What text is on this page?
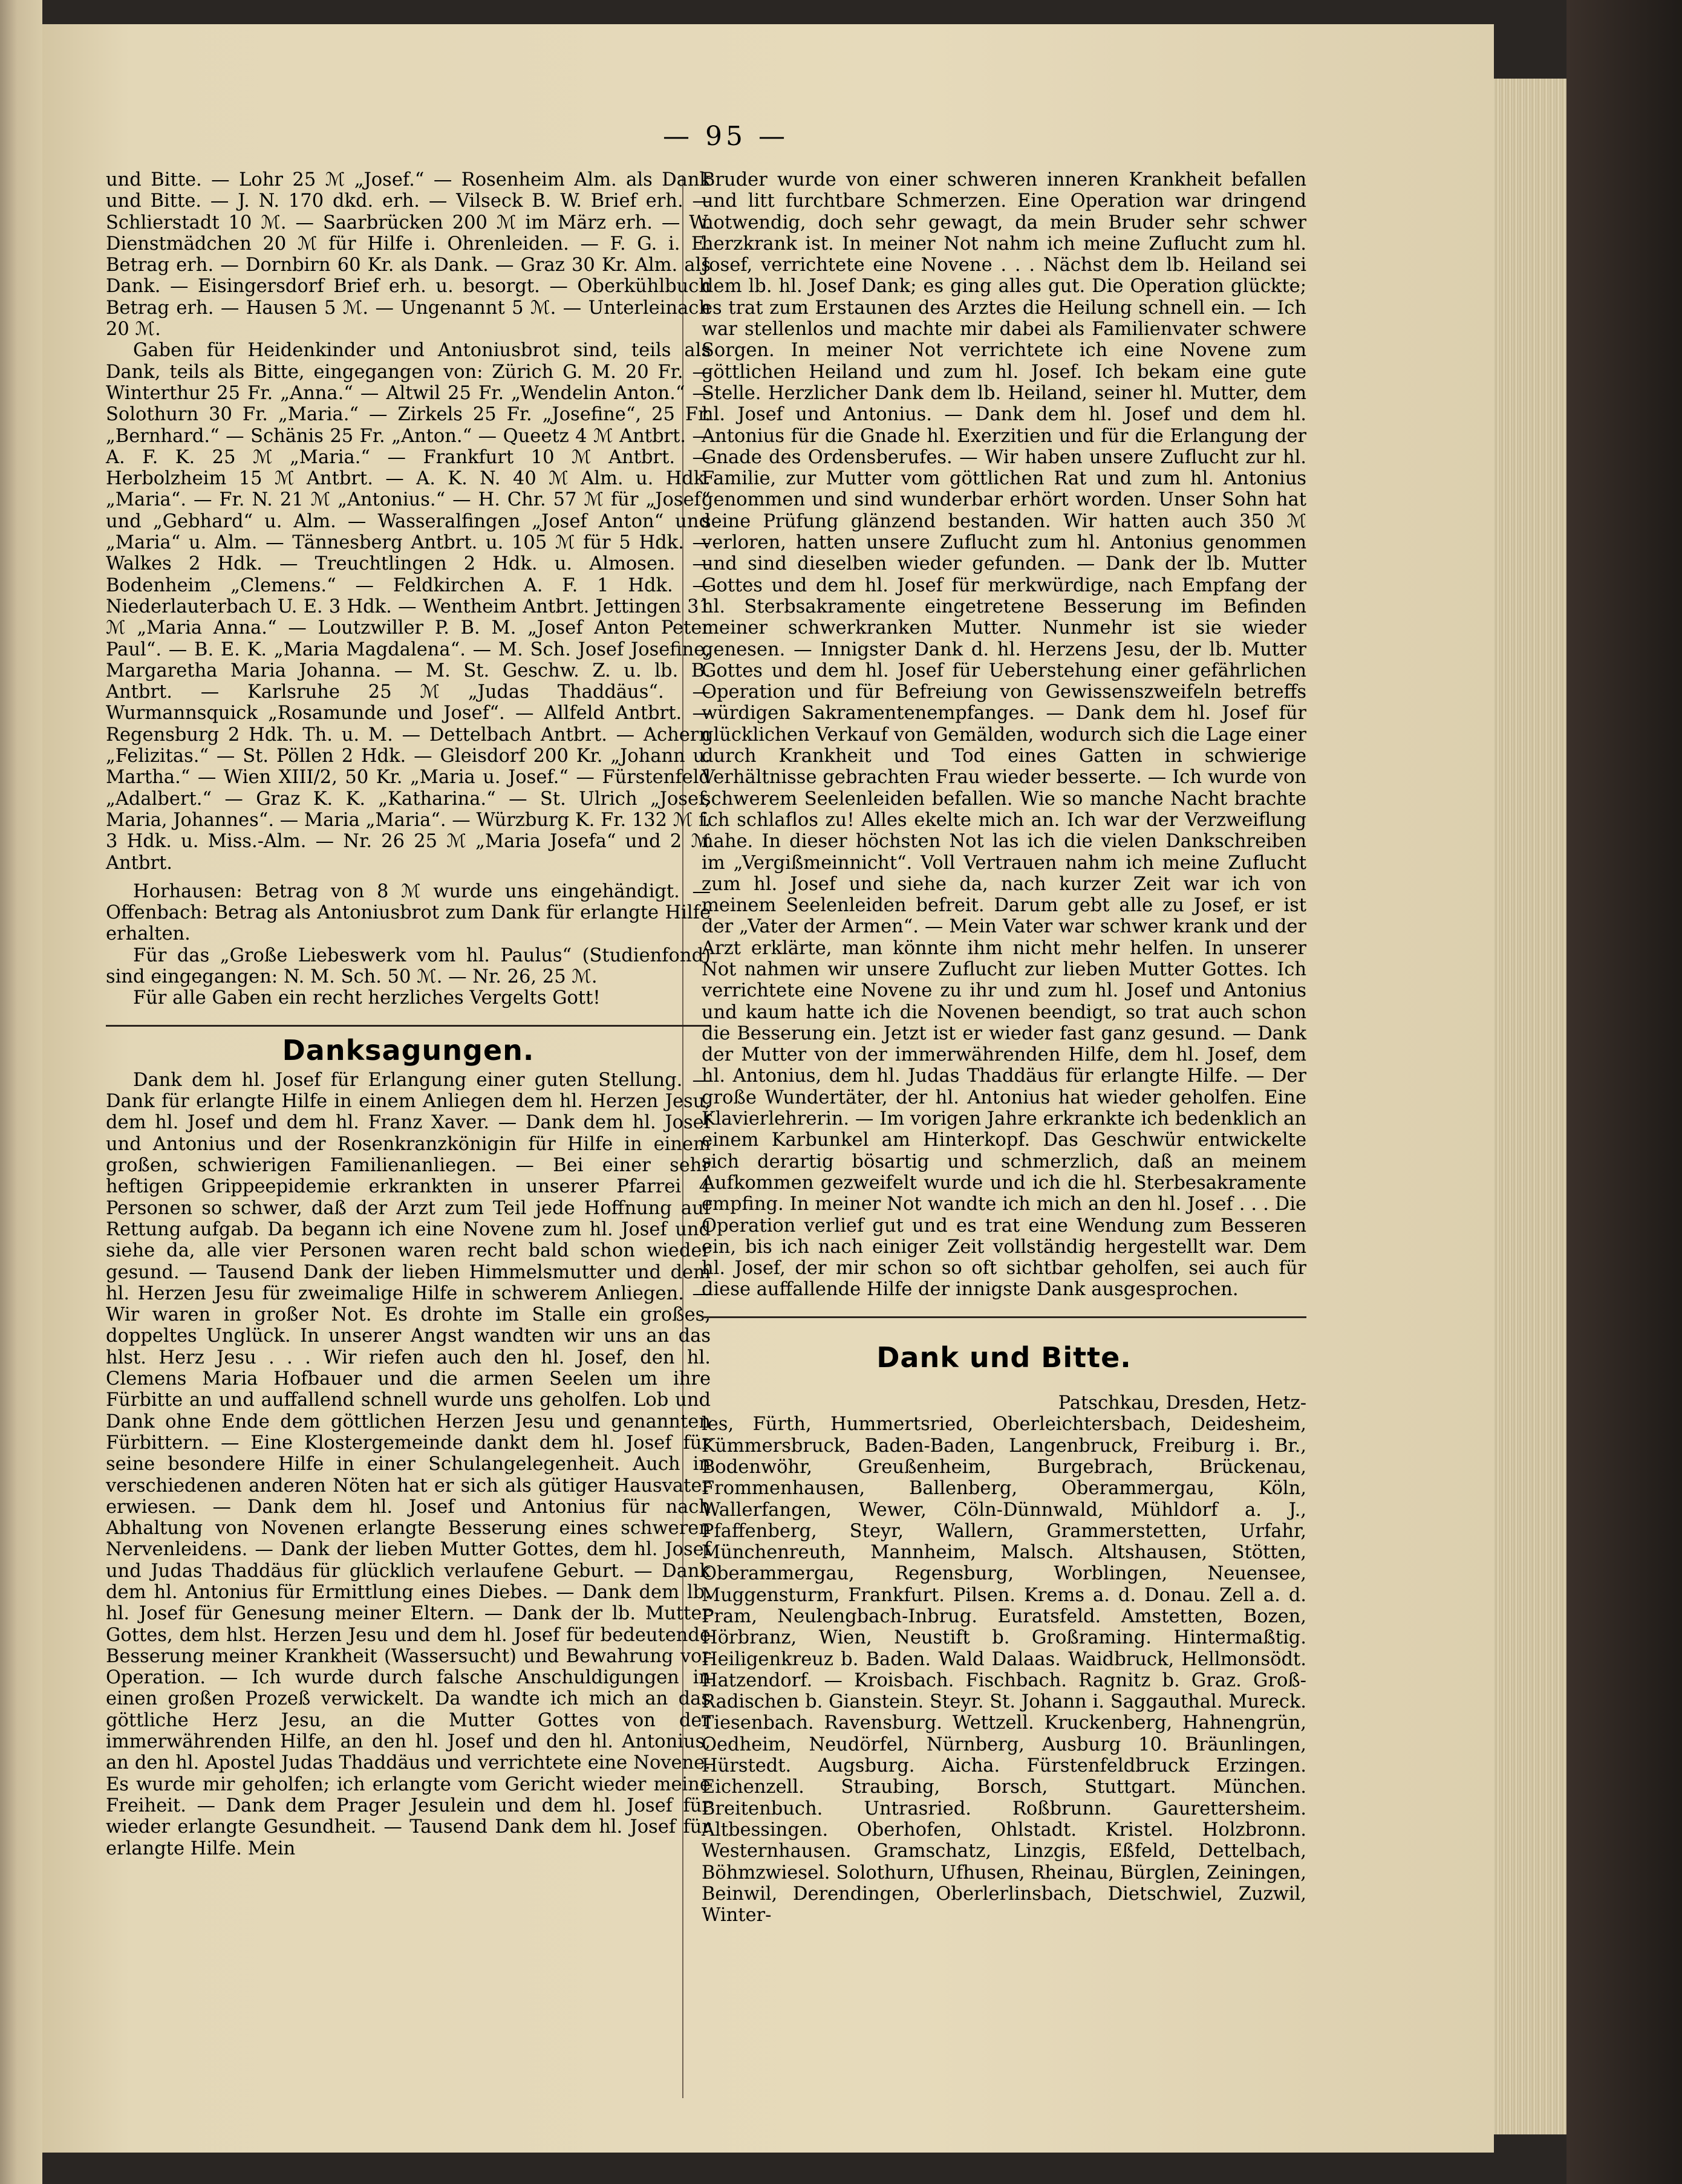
— 95 —

und Bitte. — Lohr 25 ℳ „Josef.“ — Rosenheim Alm. als Dank und Bitte. — J. N. 170 dkd. erh. — Vilseck B. W. Brief erh. — Schlierstadt 10 ℳ. — Saarbrücken 200 ℳ im März erh. — W. Dienstmädchen 20 ℳ für Hilfe i. Ohrenleiden. — F. G. i. E. Betrag erh. — Dornbirn 60 Kr. als Dank. — Graz 30 Kr. Alm. als Dank. — Eisingersdorf Brief erh. u. besorgt. — Oberkühlbuch Betrag erh. — Hausen 5 ℳ. — Ungenannt 5 ℳ. — Unterleinach 20 ℳ.

Gaben für Heidenkinder und Antoniusbrot sind, teils als Dank, teils als Bitte, eingegangen von: Zürich G. M. 20 Fr. — Winterthur 25 Fr. „Anna.“ — Altwil 25 Fr. „Wendelin Anton.“ — Solothurn 30 Fr. „Maria.“ — Zirkels 25 Fr. „Josefine“, 25 Fr. „Bernhard.“ — Schänis 25 Fr. „Anton.“ — Queetz 4 ℳ Antbrt. — A. F. K. 25 ℳ „Maria.“ — Frankfurt 10 ℳ Antbrt. — Herbolzheim 15 ℳ Antbrt. — A. K. N. 40 ℳ Alm. u. Hdk. „Maria“. — Fr. N. 21 ℳ „Antonius.“ — H. Chr. 57 ℳ für „Josef“ und „Gebhard“ u. Alm. — Wasseralfingen „Josef Anton“ und „Maria“ u. Alm. — Tännesberg Antbrt. u. 105 ℳ für 5 Hdk. — Walkes 2 Hdk. — Treuchtlingen 2 Hdk. u. Almosen. — Bodenheim „Clemens.“ — Feldkirchen A. F. 1 Hdk. — Niederlauterbach U. E. 3 Hdk. — Wentheim Antbrt. Jettingen 31 ℳ „Maria Anna.“ — Loutzwiller P. B. M. „Josef Anton Peter Paul“. — B. E. K. „Maria Magdalena“. — M. Sch. Josef Josefine, Margaretha Maria Johanna. — M. St. Geschw. Z. u. lb. B. Antbrt. — Karlsruhe 25 ℳ „Judas Thaddäus“. — Wurmannsquick „Rosamunde und Josef“. — Allfeld Antbrt. — Regensburg 2 Hdk. Th. u. M. — Dettelbach Antbrt. — Achern „Felizitas.“ — St. Pöllen 2 Hdk. — Gleisdorf 200 Kr. „Johann u. Martha.“ — Wien XIII/2, 50 Kr. „Maria u. Josef.“ — Fürstenfeld „Adalbert.“ — Graz K. K. „Katharina.“ — St. Ulrich „Josef, Maria, Johannes“. — Maria „Maria“. — Würzburg K. Fr. 132 ℳ f. 3 Hdk. u. Miss.-Alm. — Nr. 26 25 ℳ „Maria Josefa“ und 2 ℳ Antbrt.

Horhausen: Betrag von 8 ℳ wurde uns eingehändigt. — Offenbach: Betrag als Antoniusbrot zum Dank für erlangte Hilfe erhalten.

Für das „Große Liebeswerk vom hl. Paulus“ (Studienfond) sind eingegangen: N. M. Sch. 50 ℳ. — Nr. 26, 25 ℳ.

Für alle Gaben ein recht herzliches Vergelts Gott!

Danksagungen.

Dank dem hl. Josef für Erlangung einer guten Stellung. — Dank für erlangte Hilfe in einem Anliegen dem hl. Herzen Jesu, dem hl. Josef und dem hl. Franz Xaver. — Dank dem hl. Josef und Antonius und der Rosenkranzkönigin für Hilfe in einem großen, schwierigen Familienanliegen. — Bei einer sehr heftigen Grippeepidemie erkrankten in unserer Pfarrei 4 Personen so schwer, daß der Arzt zum Teil jede Hoffnung auf Rettung aufgab. Da begann ich eine Novene zum hl. Josef und siehe da, alle vier Personen waren recht bald schon wieder gesund. — Tausend Dank der lieben Himmelsmutter und dem hl. Herzen Jesu für zweimalige Hilfe in schwerem Anliegen. — Wir waren in großer Not. Es drohte im Stalle ein großes, doppeltes Unglück. In unserer Angst wandten wir uns an das hlst. Herz Jesu . . . Wir riefen auch den hl. Josef, den hl. Clemens Maria Hofbauer und die armen Seelen um ihre Fürbitte an und auffallend schnell wurde uns geholfen. Lob und Dank ohne Ende dem göttlichen Herzen Jesu und genannten Fürbittern. — Eine Klostergemeinde dankt dem hl. Josef für seine besondere Hilfe in einer Schulangelegenheit. Auch in verschiedenen anderen Nöten hat er sich als gütiger Hausvater erwiesen. — Dank dem hl. Josef und Antonius für nach Abhaltung von Novenen erlangte Besserung eines schweren Nervenleidens. — Dank der lieben Mutter Gottes, dem hl. Josef und Judas Thaddäus für glücklich verlaufene Geburt. — Dank dem hl. Antonius für Ermittlung eines Diebes. — Dank dem lb. hl. Josef für Genesung meiner Eltern. — Dank der lb. Mutter Gottes, dem hlst. Herzen Jesu und dem hl. Josef für bedeutende Besserung meiner Krankheit (Wassersucht) und Bewahrung vor Operation. — Ich wurde durch falsche Anschuldigungen in einen großen Prozeß verwickelt. Da wandte ich mich an das göttliche Herz Jesu, an die Mutter Gottes von der immerwährenden Hilfe, an den hl. Josef und den hl. Antonius, an den hl. Apostel Judas Thaddäus und verrichtete eine Novene. Es wurde mir geholfen; ich erlangte vom Gericht wieder meine Freiheit. — Dank dem Prager Jesulein und dem hl. Josef für wieder erlangte Gesundheit. — Tausend Dank dem hl. Josef für erlangte Hilfe. Mein

Bruder wurde von einer schweren inneren Krankheit befallen und litt furchtbare Schmerzen. Eine Operation war dringend notwendig, doch sehr gewagt, da mein Bruder sehr schwer herzkrank ist. In meiner Not nahm ich meine Zuflucht zum hl. Josef, verrichtete eine Novene . . . Nächst dem lb. Heiland sei dem lb. hl. Josef Dank; es ging alles gut. Die Operation glückte; es trat zum Erstaunen des Arztes die Heilung schnell ein. — Ich war stellenlos und machte mir dabei als Familienvater schwere Sorgen. In meiner Not verrichtete ich eine Novene zum göttlichen Heiland und zum hl. Josef. Ich bekam eine gute Stelle. Herzlicher Dank dem lb. Heiland, seiner hl. Mutter, dem hl. Josef und Antonius. — Dank dem hl. Josef und dem hl. Antonius für die Gnade hl. Exerzitien und für die Erlangung der Gnade des Ordensberufes. — Wir haben unsere Zuflucht zur hl. Familie, zur Mutter vom göttlichen Rat und zum hl. Antonius genommen und sind wunderbar erhört worden. Unser Sohn hat seine Prüfung glänzend bestanden. Wir hatten auch 350 ℳ verloren, hatten unsere Zuflucht zum hl. Antonius genommen und sind dieselben wieder gefunden. — Dank der lb. Mutter Gottes und dem hl. Josef für merkwürdige, nach Empfang der hl. Sterbsakramente eingetretene Besserung im Befinden meiner schwerkranken Mutter. Nunmehr ist sie wieder genesen. — Innigster Dank d. hl. Herzens Jesu, der lb. Mutter Gottes und dem hl. Josef für Ueberstehung einer gefährlichen Operation und für Befreiung von Gewissenszweifeln betreffs würdigen Sakramentenempfanges. — Dank dem hl. Josef für glücklichen Verkauf von Gemälden, wodurch sich die Lage einer durch Krankheit und Tod eines Gatten in schwierige Verhältnisse gebrachten Frau wieder besserte. — Ich wurde von schwerem Seelenleiden befallen. Wie so manche Nacht brachte ich schlaflos zu! Alles ekelte mich an. Ich war der Verzweiflung nahe. In dieser höchsten Not las ich die vielen Dankschreiben im „Vergißmeinnicht“. Voll Vertrauen nahm ich meine Zuflucht zum hl. Josef und siehe da, nach kurzer Zeit war ich von meinem Seelenleiden befreit. Darum gebt alle zu Josef, er ist der „Vater der Armen“. — Mein Vater war schwer krank und der Arzt erklärte, man könnte ihm nicht mehr helfen. In unserer Not nahmen wir unsere Zuflucht zur lieben Mutter Gottes. Ich verrichtete eine Novene zu ihr und zum hl. Josef und Antonius und kaum hatte ich die Novenen beendigt, so trat auch schon die Besserung ein. Jetzt ist er wieder fast ganz gesund. — Dank der Mutter von der immerwährenden Hilfe, dem hl. Josef, dem hl. Antonius, dem hl. Judas Thaddäus für erlangte Hilfe. — Der große Wundertäter, der hl. Antonius hat wieder geholfen. Eine Klavierlehrerin. — Im vorigen Jahre erkrankte ich bedenklich an einem Karbunkel am Hinterkopf. Das Geschwür entwickelte sich derartig bösartig und schmerzlich, daß an meinem Aufkommen gezweifelt wurde und ich die hl. Sterbesakramente empfing. In meiner Not wandte ich mich an den hl. Josef . . . Die Operation verlief gut und es trat eine Wendung zum Besseren ein, bis ich nach einiger Zeit vollständig hergestellt war. Dem hl. Josef, der mir schon so oft sichtbar geholfen, sei auch für diese auffallende Hilfe der innigste Dank ausgesprochen.

Dank und Bitte.

Patschkau, Dresden, Hetz-

les, Fürth, Hummertsried, Oberleichtersbach, Deidesheim, Kümmersbruck, Baden-Baden, Langenbruck, Freiburg i. Br., Bodenwöhr, Greußenheim, Burgebrach, Brückenau, Frommenhausen, Ballenberg, Oberammergau, Köln, Wallerfangen, Wewer, Cöln-Dünnwald, Mühldorf a. J., Pfaffenberg, Steyr, Wallern, Grammerstetten, Urfahr, Münchenreuth, Mannheim, Malsch. Altshausen, Stötten, Oberammergau, Regensburg, Worblingen, Neuensee, Muggensturm, Frankfurt. Pilsen. Krems a. d. Donau. Zell a. d. Pram, Neulengbach-Inbrug. Euratsfeld. Amstetten, Bozen, Hörbranz, Wien, Neustift b. Großraming. Hintermaßtig. Heiligenkreuz b. Baden. Wald Dalaas. Waidbruck, Hellmonsödt. Hatzendorf. — Kroisbach. Fischbach. Ragnitz b. Graz. Groß-Radischen b. Gianstein. Steyr. St. Johann i. Saggauthal. Mureck. Tiesenbach. Ravensburg. Wettzell. Kruckenberg, Hahnengrün, Oedheim, Neudörfel, Nürnberg, Ausburg 10. Bräunlingen, Hürstedt. Augsburg. Aicha. Fürstenfeldbruck Erzingen. Eichenzell. Straubing, Borsch, Stuttgart. München. Breitenbuch. Untrasried. Roßbrunn. Gaurettersheim. Altbessingen. Oberhofen, Ohlstadt. Kristel. Holzbronn. Westernhausen. Gramschatz, Linzgis, Eßfeld, Dettelbach, Böhmzwiesel. Solothurn, Ufhusen, Rheinau, Bürglen, Zeiningen, Beinwil, Derendingen, Oberlerlinsbach, Dietschwiel, Zuzwil, Winter-
